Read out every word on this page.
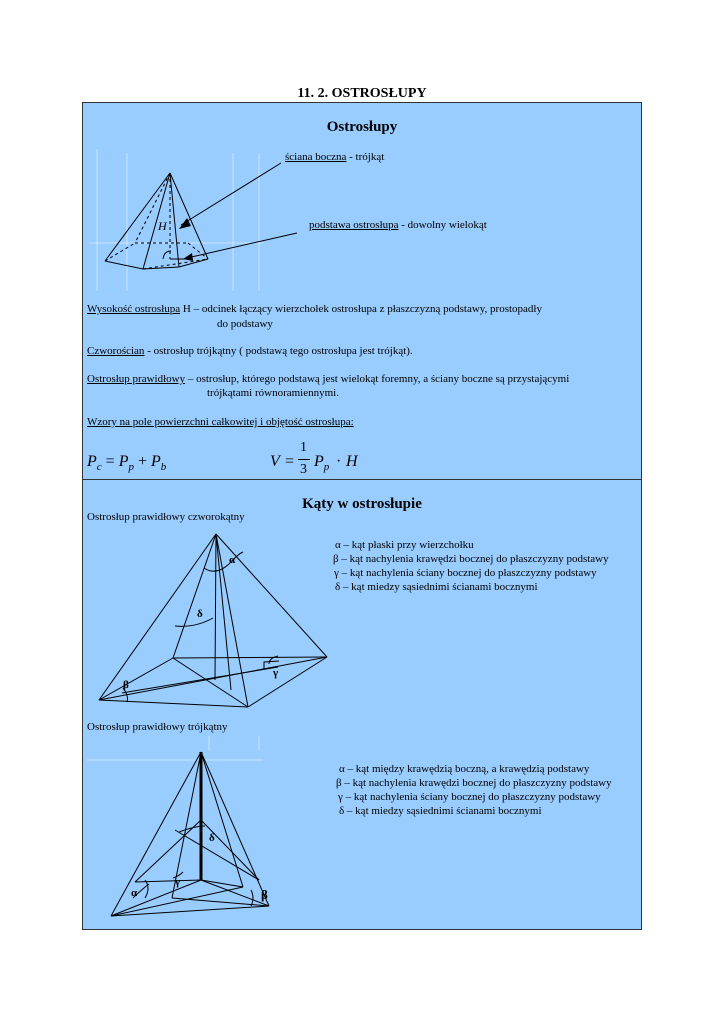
11. 2. OSTROSŁUPY
Ostrosłupy
H
ściana boczna - trójkąt
podstawa ostrosłupa - dowolny wielokąt
Wysokość ostrosłupa H – odcinek łączący wierzchołek ostrosłupa z płaszczyzną podstawy, prostopadły
do podstawy
Czworościan - ostrosłup trójkątny ( podstawą tego ostrosłupa jest trójkąt).
Ostrosłup prawidłowy – ostrosłup, którego podstawą jest wielokąt foremny, a ściany boczne są przystającymi
trójkątami równoramiennymi.
Wzory na pole powierzchni całkowitej i objętość ostrosłupa:
$P_c = P_p + P_b$	V =
1
3 $P_p \cdot H$
Kąty w ostrosłupie
Ostrosłup prawidłowy czworokątny
α
δ
β
γ
α – kąt płaski przy wierzchołku
β – kąt nachylenia krawędzi bocznej do płaszczyzny podstawy
γ – kąt nachylenia ściany bocznej do płaszczyzny podstawy
δ – kąt miedzy sąsiednimi ścianami bocznymi
Ostrosłup prawidłowy trójkątny
δ
γ
α	β
α – kąt między krawędzią boczną, a krawędzią podstawy
β – kąt nachylenia krawędzi bocznej do płaszczyzny podstawy
γ – kąt nachylenia ściany bocznej do płaszczyzny podstawy
δ – kąt miedzy sąsiednimi ścianami bocznymi
